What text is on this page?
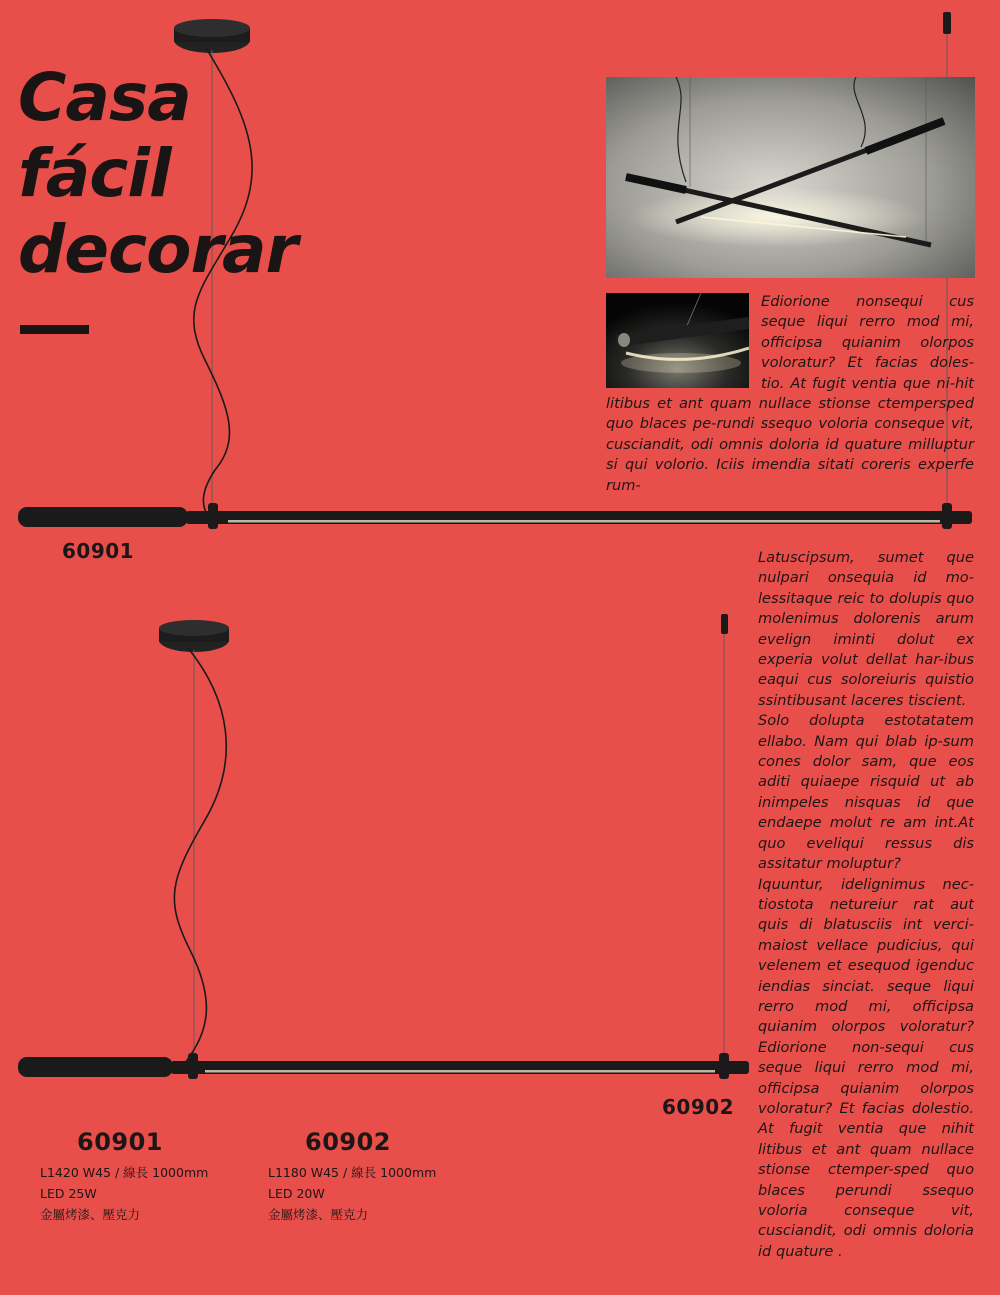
Casa
fácil
decorar

Ediorione nonsequi cus seque liqui rerro mod mi, officipsa quianim olorpos voloratur? Et facias doles-tio. At fugit ventia que ni-hit litibus et ant quam nullace stionse ctempersped quo blaces pe-rundi ssequo voloria conseque vit, cusciandit, odi omnis doloria id quature milluptur si qui volorio. Iciis imendia sitati coreris experfe rum-

Latuscipsum, sumet que nulpari onsequia id mo-lessitaque reic to dolupis quo molenimus dolorenis arum evelign iminti dolut ex experia volut dellat har-ibus eaqui cus soloreiuris quistio ssintibusant laceres tiscient.

Solo dolupta estotatatem ellabo. Nam qui blab ip-sum cones dolor sam, que eos aditi quiaepe risquid ut ab inimpeles nisquas id que endaepe molut re am int.At quo eveliqui ressus dis assitatur moluptur?

Iquuntur, idelignimus nec-tiostota netureiur rat aut quis di blatusciis int verci-maiost vellace pudicius, qui velenem et esequod igenduc iendias sinciat. seque liqui rerro mod mi, officipsa quianim olorpos voloratur?Ediorione non-sequi cus seque liqui rerro mod mi, officipsa quianim olorpos voloratur? Et facias dolestio. At fugit ventia que nihit litibus et ant quam nullace stionse ctemper-sped quo blaces perundi ssequo voloria conseque vit, cusciandit, odi omnis doloria id quature .

60901
60902
60901
L1420 W45 / 線長 1000mm
LED 25W
金屬烤漆、壓克力
60902
L1180 W45 / 線長 1000mm
LED 20W
金屬烤漆、壓克力
